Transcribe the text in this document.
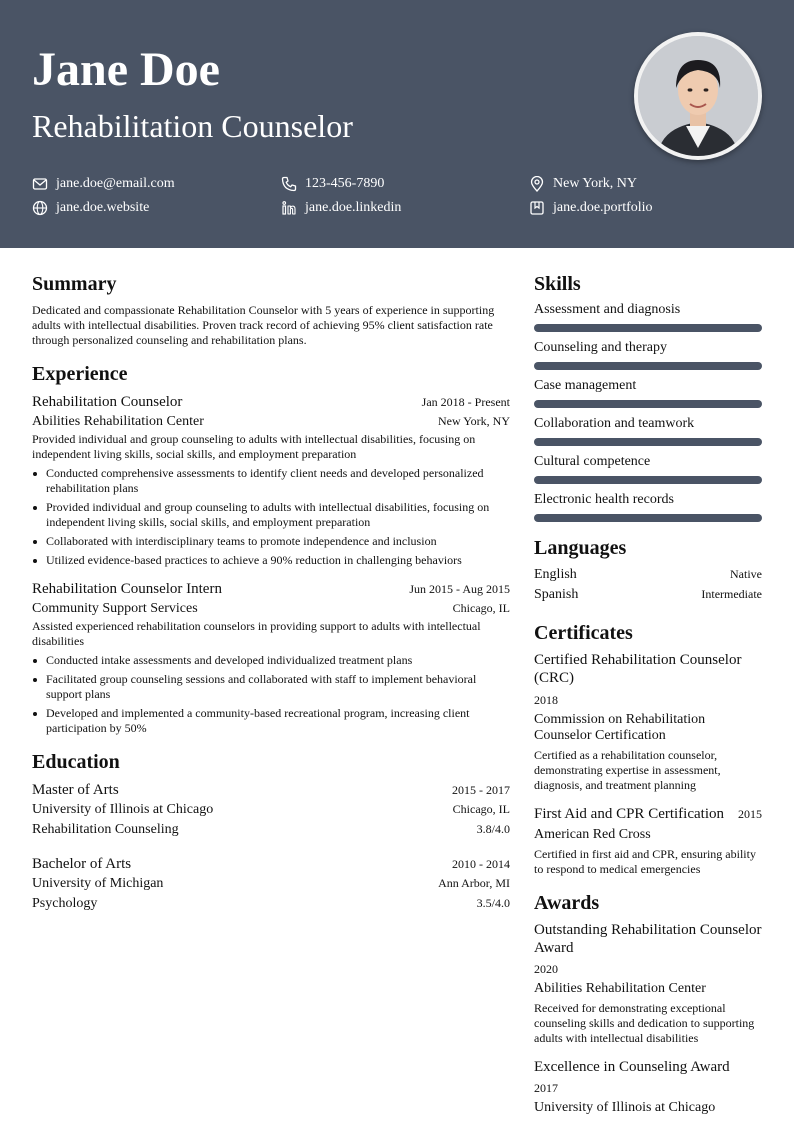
Jane Doe
Rehabilitation Counselor
jane.doe@email.com	123-456-7890	New York, NY
jane.doe.website	jane.doe.linkedin	jane.doe.portfolio
Summary
Dedicated and compassionate Rehabilitation Counselor with 5 years of experience in supporting adults with intellectual disabilities. Proven track record of achieving 95% client satisfaction rate through personalized counseling and rehabilitation plans.
Experience
Rehabilitation Counselor	Jan 2018 - Present
Abilities Rehabilitation Center	New York, NY
Provided individual and group counseling to adults with intellectual disabilities, focusing on independent living skills, social skills, and employment preparation
Conducted comprehensive assessments to identify client needs and developed personalized rehabilitation plans
Provided individual and group counseling to adults with intellectual disabilities, focusing on independent living skills, social skills, and employment preparation
Collaborated with interdisciplinary teams to promote independence and inclusion
Utilized evidence-based practices to achieve a 90% reduction in challenging behaviors
Rehabilitation Counselor Intern	Jun 2015 - Aug 2015
Community Support Services	Chicago, IL
Assisted experienced rehabilitation counselors in providing support to adults with intellectual disabilities
Conducted intake assessments and developed individualized treatment plans
Facilitated group counseling sessions and collaborated with staff to implement behavioral support plans
Developed and implemented a community-based recreational program, increasing client participation by 50%
Education
Master of Arts	2015 - 2017
University of Illinois at Chicago	Chicago, IL
Rehabilitation Counseling	3.8/4.0
Bachelor of Arts	2010 - 2014
University of Michigan	Ann Arbor, MI
Psychology	3.5/4.0
Skills
Assessment and diagnosis
Counseling and therapy
Case management
Collaboration and teamwork
Cultural competence
Electronic health records
Languages
English	Native
Spanish	Intermediate
Certificates
Certified Rehabilitation Counselor (CRC)
2018
Commission on Rehabilitation Counselor Certification
Certified as a rehabilitation counselor, demonstrating expertise in assessment, diagnosis, and treatment planning
First Aid and CPR Certification 2015
American Red Cross
Certified in first aid and CPR, ensuring ability to respond to medical emergencies
Awards
Outstanding Rehabilitation Counselor Award
2020
Abilities Rehabilitation Center
Received for demonstrating exceptional counseling skills and dedication to supporting adults with intellectual disabilities
Excellence in Counseling Award
2017
University of Illinois at Chicago
